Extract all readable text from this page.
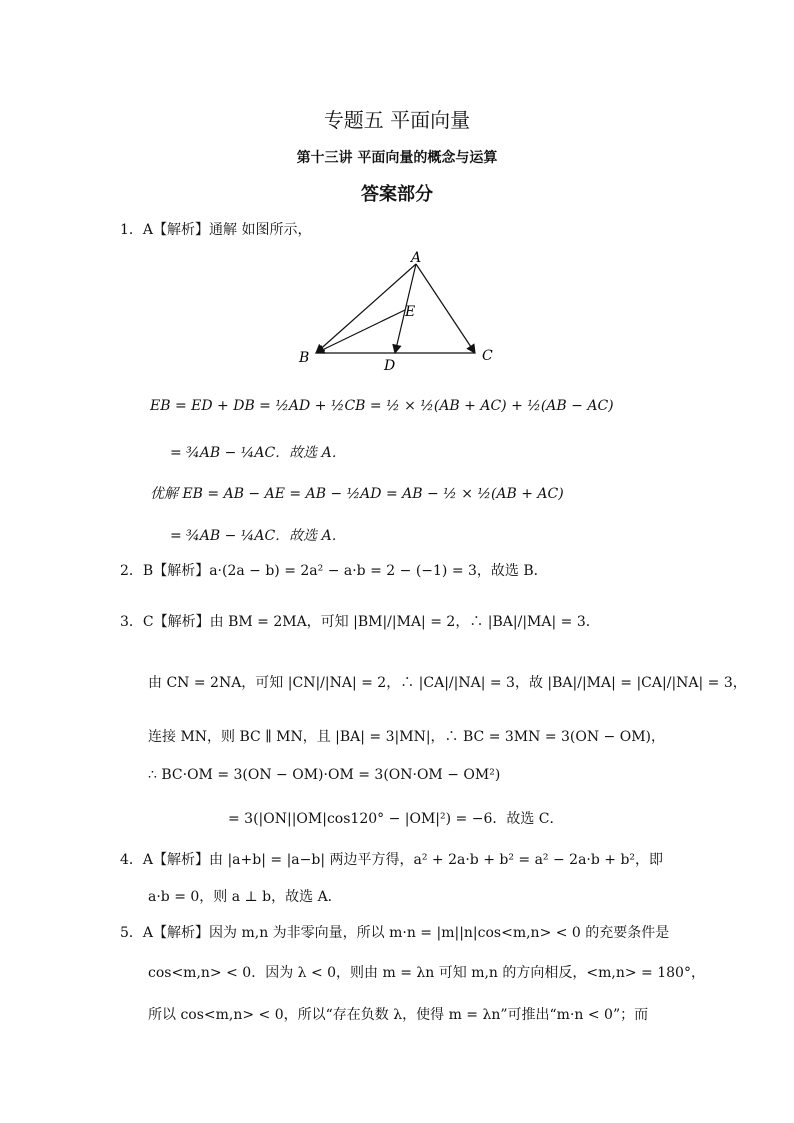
专题五 平面向量
第十三讲 平面向量的概念与运算
答案部分
1．A【解析】通解 如图所示，
A
B	C
D
E
EB = ED + DB = ½AD + ½CB = ½ × ½(AB + AC) + ½(AB − AC)
= ¾AB − ¼AC．故选 A．
优解 EB = AB − AE = AB − ½AD = AB − ½ × ½(AB + AC)
= ¾AB − ¼AC．故选 A．
2．B【解析】a·(2a − b) = 2a² − a·b = 2 − (−1) = 3，故选 B．
3．C【解析】由 BM = 2MA，可知 |BM|/|MA| = 2，∴ |BA|/|MA| = 3．
由 CN = 2NA，可知 |CN|/|NA| = 2，∴ |CA|/|NA| = 3，故 |BA|/|MA| = |CA|/|NA| = 3，
连接 MN，则 BC ∥ MN，且 |BA| = 3|MN|，∴ BC = 3MN = 3(ON − OM)，
∴ BC·OM = 3(ON − OM)·OM = 3(ON·OM − OM²)
= 3(|ON||OM|cos120° − |OM|²) = −6．故选 C．
4．A【解析】由 |a+b| = |a−b| 两边平方得，a² + 2a·b + b² = a² − 2a·b + b²，即
a·b = 0，则 a ⊥ b，故选 A．
5．A【解析】因为 m,n 为非零向量，所以 m·n = |m||n|cos<m,n> < 0 的充要条件是
cos<m,n> < 0．因为 λ < 0，则由 m = λn 可知 m,n 的方向相反，<m,n> = 180°，
所以 cos<m,n> < 0，所以“存在负数 λ，使得 m = λn”可推出“m·n < 0”；而
